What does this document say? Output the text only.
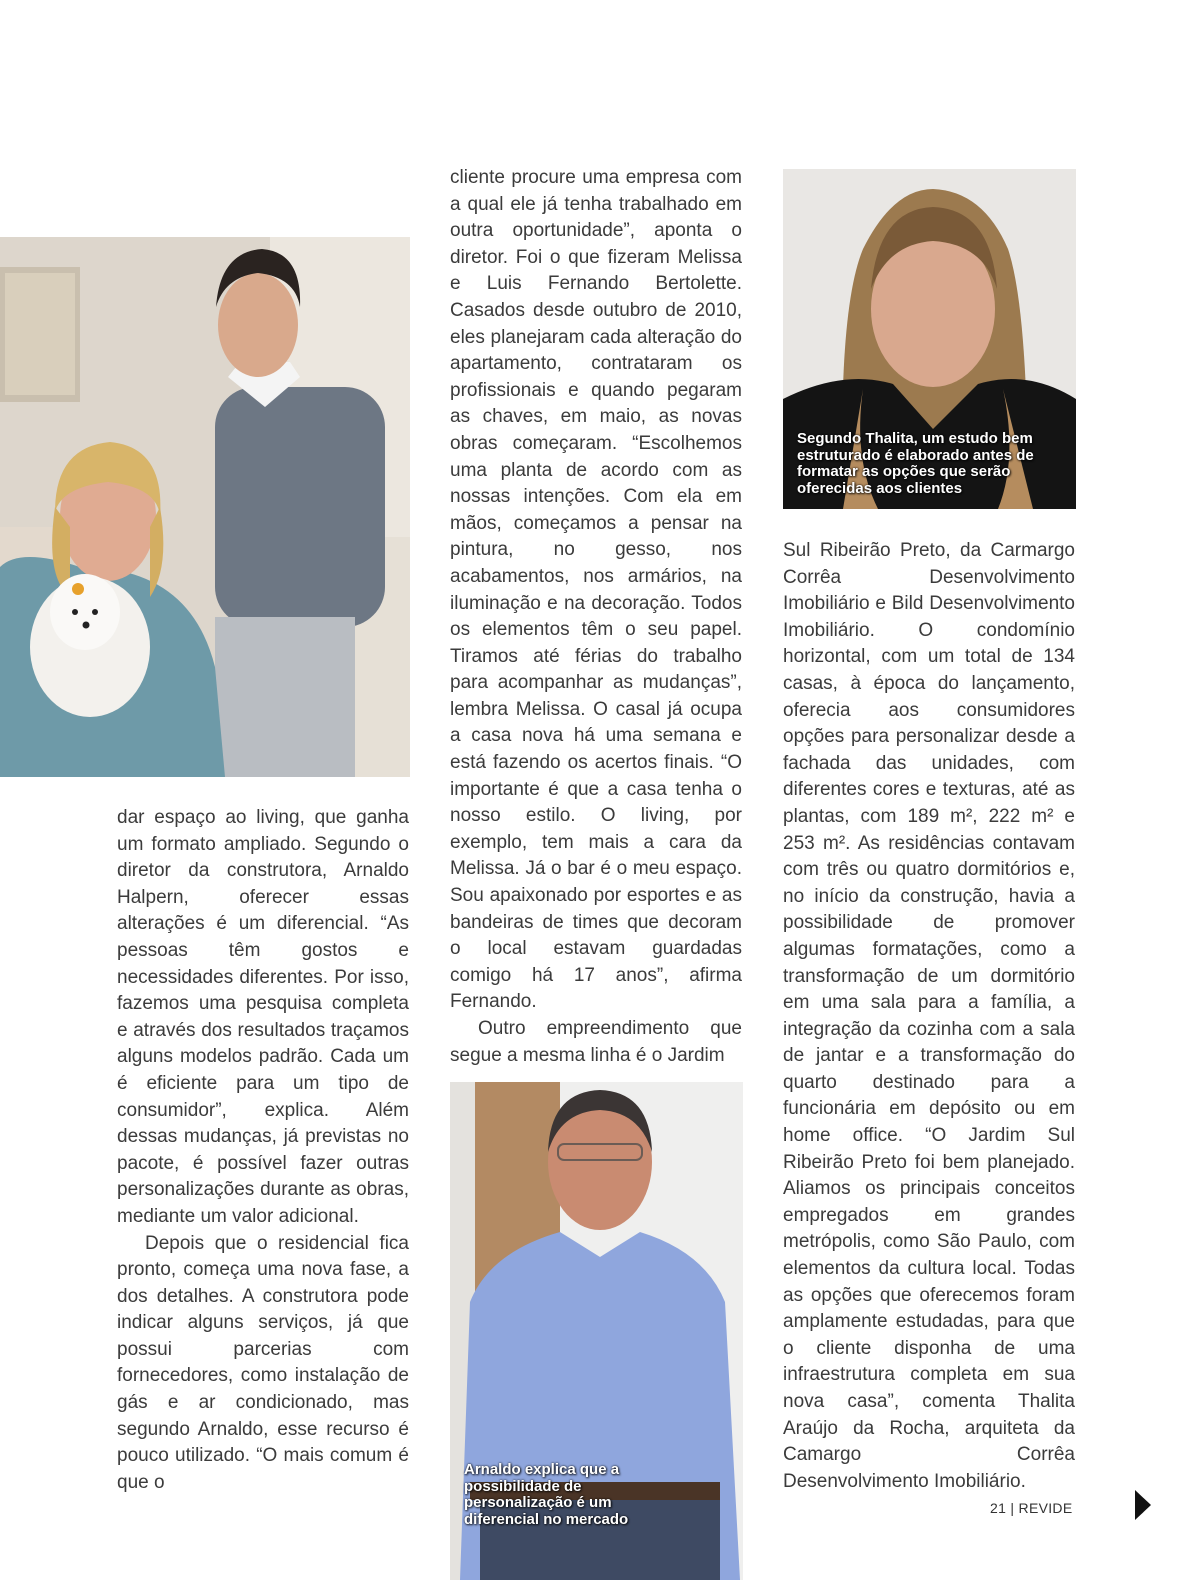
dar espaço ao living, que ganha um formato ampliado. Segundo o diretor da construtora, Arnaldo Halpern, oferecer essas alterações é um diferencial. “As pessoas têm gostos e necessidades diferentes. Por isso, fazemos uma pesquisa completa e através dos resultados traçamos alguns modelos padrão. Cada um é eficiente para um tipo de consumidor”, explica. Além dessas mudanças, já previstas no pacote, é possível fazer outras personalizações durante as obras, mediante um valor adicional.

Depois que o residencial fica pronto, começa uma nova fase, a dos detalhes. A construtora pode indicar alguns serviços, já que possui parcerias com fornecedores, como instalação de gás e ar condicionado, mas segundo Arnaldo, esse recurso é pouco utilizado. “O mais comum é que o

cliente procure uma empresa com a qual ele já tenha trabalhado em outra oportunidade”, aponta o diretor. Foi o que fizeram Melissa e Luis Fernando Bertolette. Casados desde outubro de 2010, eles planejaram cada alteração do apartamento, contrataram os profissionais e quando pegaram as chaves, em maio, as novas obras começaram. “Escolhemos uma planta de acordo com as nossas intenções. Com ela em mãos, começamos a pensar na pintura, no gesso, nos acabamentos, nos armários, na iluminação e na decoração. Todos os elementos têm o seu papel. Tiramos até férias do trabalho para acompanhar as mudanças”, lembra Melissa. O casal já ocupa a casa nova há uma semana e está fazendo os acertos finais. “O importante é que a casa tenha o nosso estilo. O living, por exemplo, tem mais a cara da Melissa. Já o bar é o meu espaço. Sou apaixonado por esportes e as bandeiras de times que decoram o local estavam guardadas comigo há 17 anos”, afirma Fernando.

Outro empreendimento que segue a mesma linha é o Jardim

Segundo Thalita, um estudo bem estruturado é elaborado antes de formatar as opções que serão oferecidas aos clientes

Sul Ribeirão Preto, da Carmargo Corrêa Desenvolvimento Imobiliário e Bild Desenvolvimento Imobiliário. O condomínio horizontal, com um total de 134 casas, à época do lançamento, oferecia aos consumidores opções para personalizar desde a fachada das unidades, com diferentes cores e texturas, até as plantas, com 189 m², 222 m² e 253 m². As residências contavam com três ou quatro dormitórios e, no início da construção, havia a possibilidade de promover algumas formatações, como a transformação de um dormitório em uma sala para a família, a integração da cozinha com a sala de jantar e a transformação do quarto destinado para a funcionária em depósito ou em home office. “O Jardim Sul Ribeirão Preto foi bem planejado. Aliamos os principais conceitos empregados em grandes metrópolis, como São Paulo, com elementos da cultura local. Todas as opções que oferecemos foram amplamente estudadas, para que o cliente disponha de uma infraestrutura completa em sua nova casa”, comenta Thalita Araújo da Rocha, arquiteta da Camargo Corrêa Desenvolvimento Imobiliário.

Arnaldo explica que a possibilidade de personalização é um diferencial no mercado
21 | REVIDE
